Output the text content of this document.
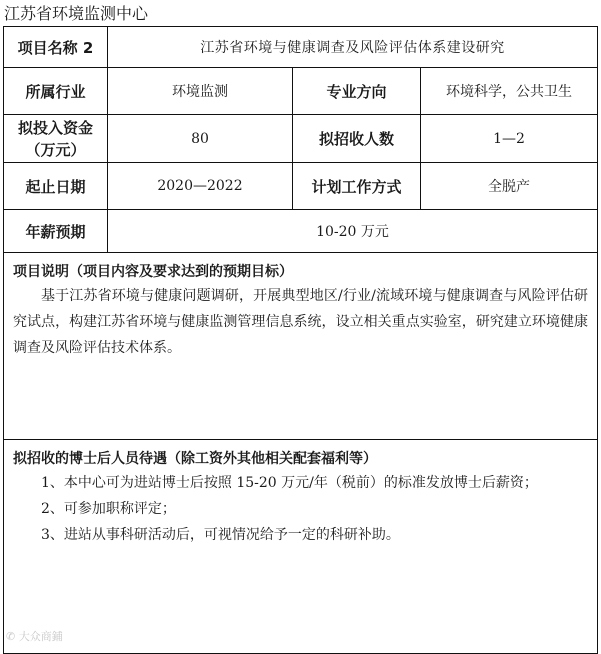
江苏省环境监测中心
项目名称 2	江苏省环境与健康调查及风险评估体系建设研究		
所属行业	环境监测	专业方向	环境科学，公共卫生

拟投入资金
（万元）	80	拟招收人数	1—2
起止日期	2020—2022	计划工作方式	全脱产
年薪预期	10-20 万元		

项目说明（项目内容及要求达到的预期目标）
基于江苏省环境与健康问题调研，开展典型地区/行业/流域环境与健康调查与风险评估研究试点，构建江苏省环境与健康监测管理信息系统，设立相关重点实验室，研究建立环境健康调查及风险评估技术体系。			

拟招收的博士后人员待遇（除工资外其他相关配套福利等）
1、本中心可为进站博士后按照 15-20 万元/年（税前）的标准发放博士后薪资；
2、可参加职称评定；
3、进站从事科研活动后，可视情况给予一定的科研补助。			
✆ 大众商鋪
